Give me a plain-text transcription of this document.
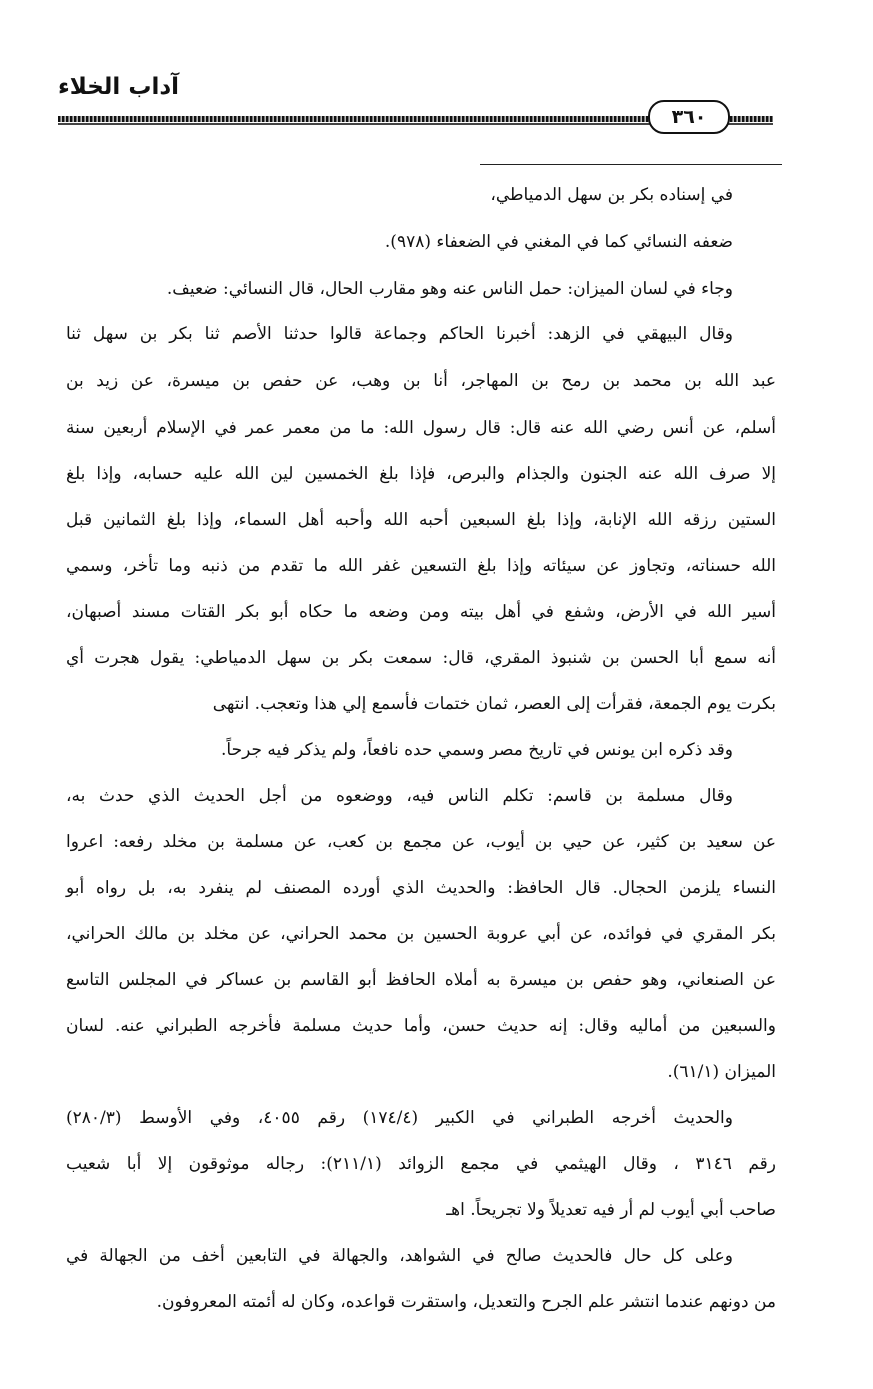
آداب الخلاء
٣٦٠
في إسناده بكر بن سهل الدمياطي،
ضعفه النسائي كما في المغني في الضعفاء (٩٧٨).
وجاء في لسان الميزان: حمل الناس عنه وهو مقارب الحال، قال النسائي: ضعيف.
وقال البيهقي في الزهد: أخبرنا الحاكم وجماعة قالوا حدثنا الأصم ثنا بكر بن سهل ثنا
عبد الله بن محمد بن رمح بن المهاجر، أنا بن وهب، عن حفص بن ميسرة، عن زيد بن
أسلم، عن أنس رضي الله عنه قال: قال رسول الله: ما من معمر عمر في الإسلام أربعين سنة
إلا صرف الله عنه الجنون والجذام والبرص، فإذا بلغ الخمسين لين الله عليه حسابه، وإذا بلغ
الستين رزقه الله الإنابة، وإذا بلغ السبعين أحبه الله وأحبه أهل السماء، وإذا بلغ الثمانين قبل
الله حسناته، وتجاوز عن سيئاته وإذا بلغ التسعين غفر الله ما تقدم من ذنبه وما تأخر، وسمي
أسير الله في الأرض، وشفع في أهل بيته ومن وضعه ما حكاه أبو بكر القتات مسند أصبهان،
أنه سمع أبا الحسن بن شنبوذ المقري، قال: سمعت بكر بن سهل الدمياطي: يقول هجرت أي
بكرت يوم الجمعة، فقرأت إلى العصر، ثمان ختمات فأسمع إلي هذا وتعجب. انتهى
وقد ذكره ابن يونس في تاريخ مصر وسمي حده نافعاً، ولم يذكر فيه جرحاً.
وقال مسلمة بن قاسم: تكلم الناس فيه، ووضعوه من أجل الحديث الذي حدث به،
عن سعيد بن كثير، عن حيي بن أيوب، عن مجمع بن كعب، عن مسلمة بن مخلد رفعه: اعروا
النساء يلزمن الحجال. قال الحافظ: والحديث الذي أورده المصنف لم ينفرد به، بل رواه أبو
بكر المقري في فوائده، عن أبي عروبة الحسين بن محمد الحراني، عن مخلد بن مالك الحراني،
عن الصنعاني، وهو حفص بن ميسرة به أملاه الحافظ أبو القاسم بن عساكر في المجلس التاسع
والسبعين من أماليه وقال: إنه حديث حسن، وأما حديث مسلمة فأخرجه الطبراني عنه. لسان
الميزان (٦١/١).
والحديث أخرجه الطبراني في الكبير (١٧٤/٤) رقم ٤٠٥٥، وفي الأوسط (٢٨٠/٣)
رقم ٣١٤٦ ، وقال الهيثمي في مجمع الزوائد (٢١١/١): رجاله موثوقون إلا أبا شعيب
صاحب أبي أيوب لم أر فيه تعديلاً ولا تجريحاً. اهـ
وعلى كل حال فالحديث صالح في الشواهد، والجهالة في التابعين أخف من الجهالة في
من دونهم عندما انتشر علم الجرح والتعديل، واستقرت قواعده، وكان له أئمته المعروفون.
